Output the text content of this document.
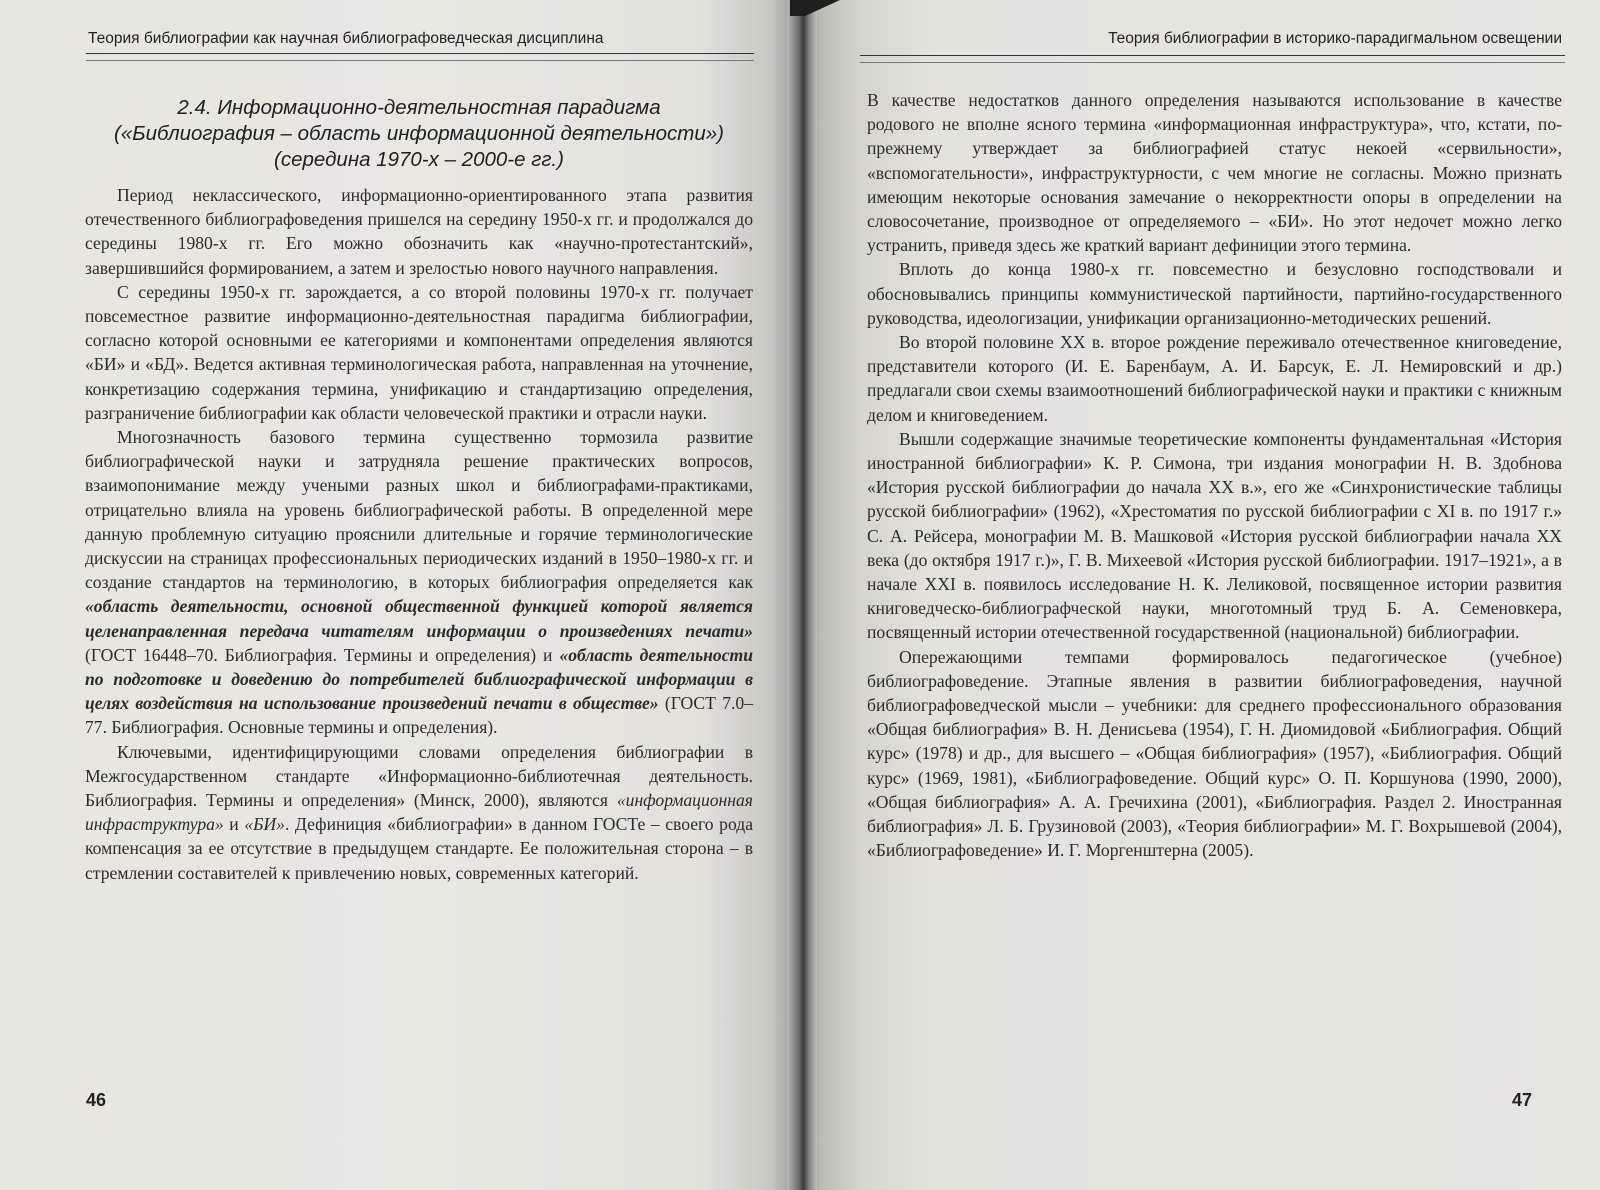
Теория библиографии как научная библиографоведческая дисциплина
2.4. Информационно-деятельностная парадигма
(«Библиография – область информационной деятельности»)
(середина 1970-х – 2000-е гг.)

Период неклассического, информационно-ориентированного этапа развития отечественного библиографоведения пришелся на середину 1950-х гг. и продолжался до середины 1980-х гг. Его можно обозначить как «научно-протестантский», завершившийся формированием, а затем и зрелостью нового научного направления.

С середины 1950-х гг. зарождается, а со второй половины 1970-х гг. получает повсеместное развитие информационно-деятельностная парадигма библиографии, согласно которой основными ее категориями и компонентами определения являются «БИ» и «БД». Ведется активная терминологическая работа, направленная на уточнение, конкретизацию содержания термина, унификацию и стандартизацию определения, разграничение библиографии как области человеческой практики и отрасли науки.

Многозначность базового термина существенно тормозила развитие библиографической науки и затрудняла решение практических вопросов, взаимопонимание между учеными разных школ и библиографами-практиками, отрицательно влияла на уровень библиографической работы. В определенной мере данную проблемную ситуацию прояснили длительные и горячие терминологические дискуссии на страницах профессиональных периодических изданий в 1950–1980-х гг. и создание стандартов на терминологию, в которых библиография определяется как «область деятельности, основной общественной функцией которой является целенаправленная передача читателям информации о произведениях печати» (ГОСТ 16448–70. Библиография. Термины и определения) и «область деятельности по подготовке и доведению до потребителей библиографической информации в целях воздействия на использование произведений печати в обществе» (ГОСТ 7.0–77. Библиография. Основные термины и определения).

Ключевыми, идентифицирующими словами определения библиографии в Межгосударственном стандарте «Информационно-библиотечная деятельность. Библиография. Термины и определения» (Минск, 2000), являются «информационная инфраструктура» и «БИ». Дефиниция «библиографии» в данном ГОСТе – своего рода компенсация за ее отсутствие в предыдущем стандарте. Ее положительная сторона – в стремлении составителей к привлечению новых, современных категорий.

46
Теория библиографии в историко-парадигмальном освещении

В качестве недостатков данного определения называются использование в качестве родового не вполне ясного термина «информационная инфраструктура», что, кстати, по-прежнему утверждает за библиографией статус некоей «сервильности», «вспомогательности», инфраструктурности, с чем многие не согласны. Можно признать имеющим некоторые основания замечание о некорректности опоры в определении на словосочетание, производное от определяемого – «БИ». Но этот недочет можно легко устранить, приведя здесь же краткий вариант дефиниции этого термина.

Вплоть до конца 1980-х гг. повсеместно и безусловно господствовали и обосновывались принципы коммунистической партийности, партийно-государственного руководства, идеологизации, унификации организационно-методических решений.

Во второй половине XX в. второе рождение переживало отечественное книговедение, представители которого (И. Е. Баренбаум, А. И. Барсук, Е. Л. Немировский и др.) предлагали свои схемы взаимоотношений библиографической науки и практики с книжным делом и книговедением.

Вышли содержащие значимые теоретические компоненты фундаментальная «История иностранной библиографии» К. Р. Симона, три издания монографии Н. В. Здобнова «История русской библиографии до начала XX в.», его же «Синхронистические таблицы русской библиографии» (1962), «Хрестоматия по русской библиографии с XI в. по 1917 г.» С. А. Рейсера, монографии М. В. Машковой «История русской библиографии начала XX века (до октября 1917 г.)», Г. В. Михеевой «История русской библиографии. 1917–1921», а в начале XXI в. появилось исследование Н. К. Леликовой, посвященное истории развития книговедческо-библиографческой науки, многотомный труд Б. А. Семеновкера, посвященный истории отечественной государственной (национальной) библиографии.

Опережающими темпами формировалось педагогическое (учебное) библиографоведение. Этапные явления в развитии библиографоведения, научной библиографоведческой мысли – учебники: для среднего профессионального образования «Общая библиография» В. Н. Денисьева (1954), Г. Н. Диомидовой «Библиография. Общий курс» (1978) и др., для высшего – «Общая библиография» (1957), «Библиография. Общий курс» (1969, 1981), «Библиографоведение. Общий курс» О. П. Коршунова (1990, 2000), «Общая библиография» А. А. Гречихина (2001), «Библиография. Раздел 2. Иностранная библиография» Л. Б. Грузиновой (2003), «Теория библиографии» М. Г. Вохрышевой (2004), «Библиографоведение» И. Г. Моргенштерна (2005).

47
